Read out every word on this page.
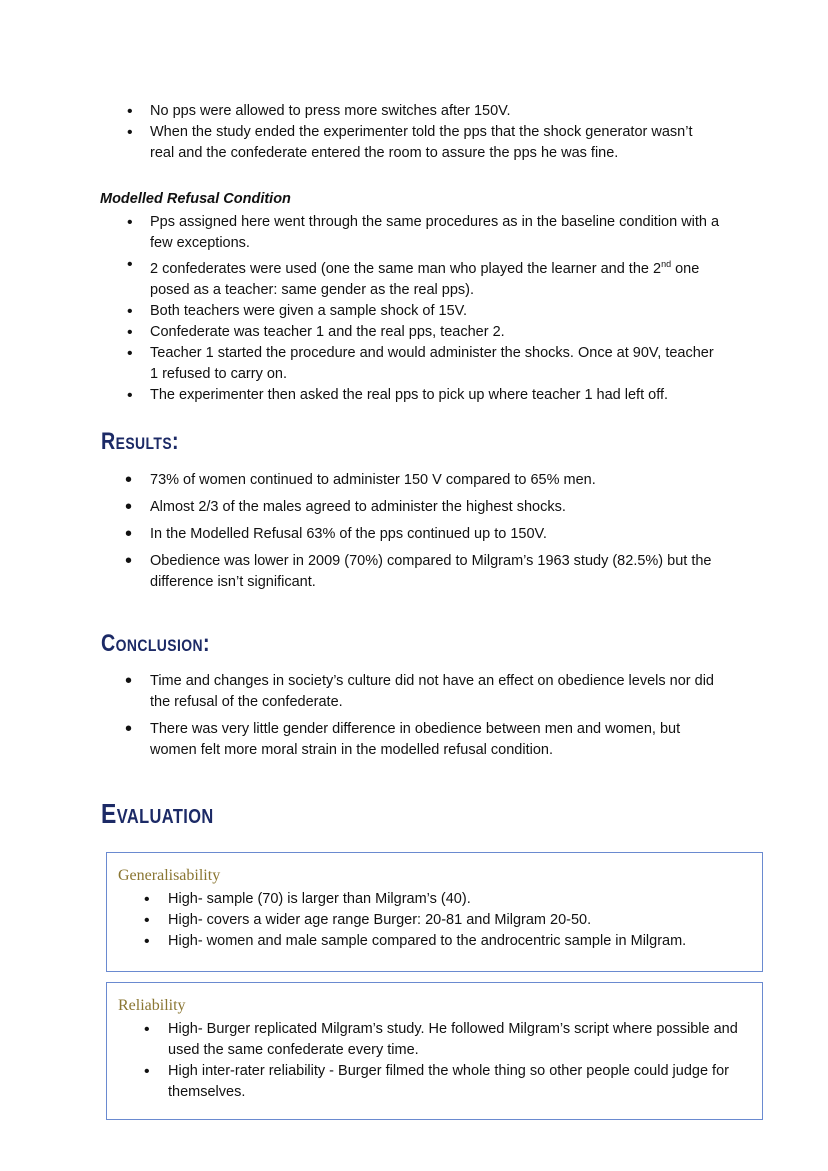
• No pps were allowed to press more switches after 150V.
• When the study ended the experimenter told the pps that the shock generator wasn’t real and the confederate entered the room to assure the pps he was fine.
Modelled Refusal Condition
• Pps assigned here went through the same procedures as in the baseline condition with a few exceptions.
• 2 confederates were used (one the same man who played the learner and the 2nd one posed as a teacher: same gender as the real pps).
• Both teachers were given a sample shock of 15V.
• Confederate was teacher 1 and the real pps, teacher 2.
• Teacher 1 started the procedure and would administer the shocks. Once at 90V, teacher 1 refused to carry on.
• The experimenter then asked the real pps to pick up where teacher 1 had left off.
Results:
• 73% of women continued to administer 150 V compared to 65% men.
• Almost 2/3 of the males agreed to administer the highest shocks.
• In the Modelled Refusal 63% of the pps continued up to 150V.
• Obedience was lower in 2009 (70%) compared to Milgram’s 1963 study (82.5%) but the difference isn’t significant.
Conclusion:
• Time and changes in society’s culture did not have an effect on obedience levels nor did the refusal of the confederate.
• There was very little gender difference in obedience between men and women, but women felt more moral strain in the modelled refusal condition.
Evaluation
Generalisability
• High- sample (70) is larger than Milgram’s (40).
• High- covers a wider age range Burger: 20-81 and Milgram 20-50.
• High- women and male sample compared to the androcentric sample in Milgram.
Reliability
• High- Burger replicated Milgram’s study. He followed Milgram’s script where possible and used the same confederate every time.
• High inter-rater reliability - Burger filmed the whole thing so other people could judge for themselves.
